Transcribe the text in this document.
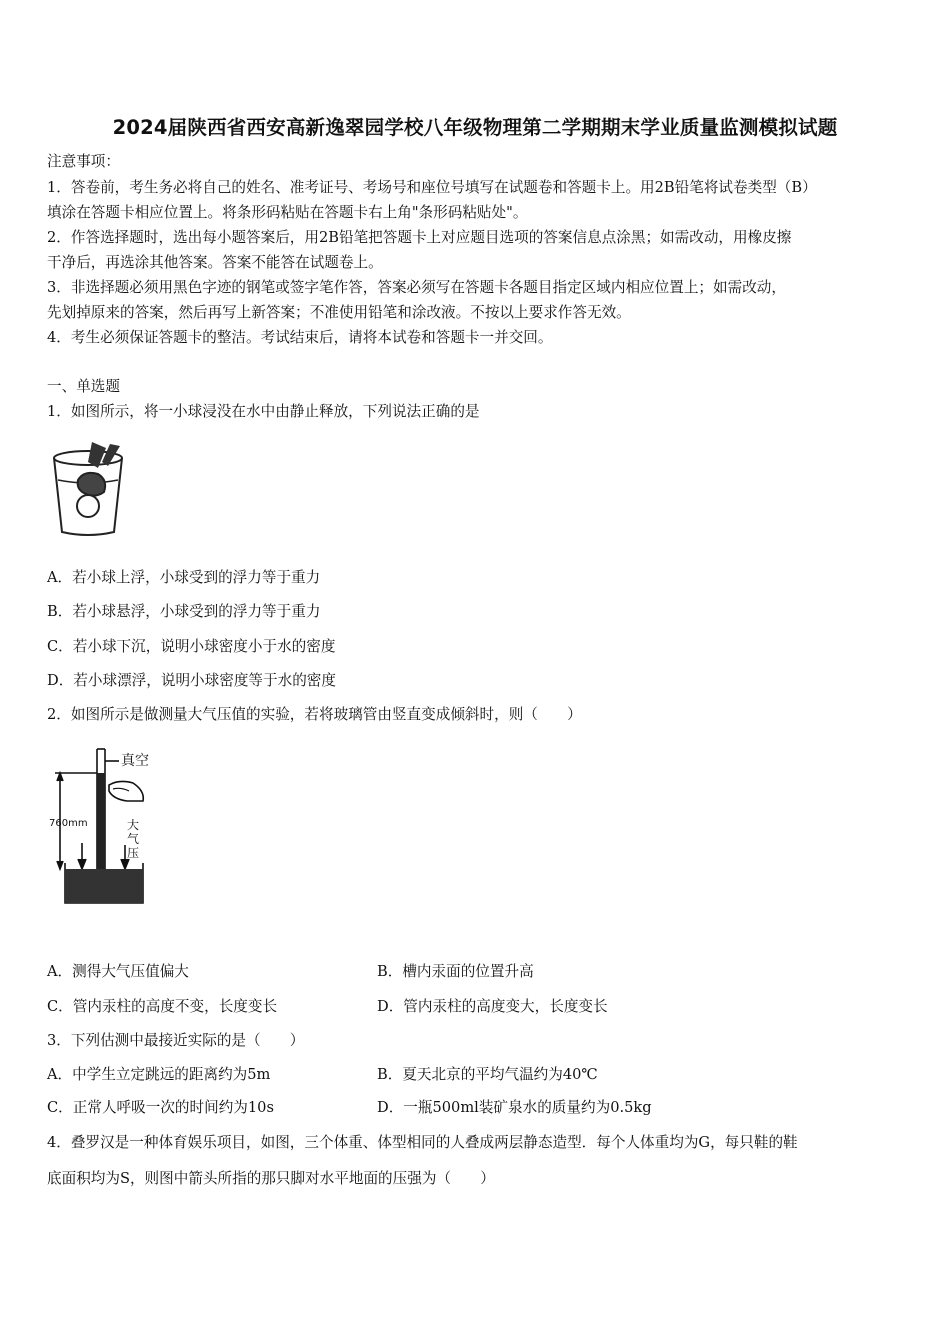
2024届陕西省西安高新逸翠园学校八年级物理第二学期期末学业质量监测模拟试题
注意事项：
1．答卷前，考生务必将自己的姓名、准考证号、考场号和座位号填写在试题卷和答题卡上。用2B铅笔将试卷类型（B）
填涂在答题卡相应位置上。将条形码粘贴在答题卡右上角"条形码粘贴处"。
2．作答选择题时，选出每小题答案后，用2B铅笔把答题卡上对应题目选项的答案信息点涂黑；如需改动，用橡皮擦
干净后，再选涂其他答案。答案不能答在试题卷上。
3．非选择题必须用黑色字迹的钢笔或签字笔作答，答案必须写在答题卡各题目指定区域内相应位置上；如需改动，
先划掉原来的答案，然后再写上新答案；不准使用铅笔和涂改液。不按以上要求作答无效。
4．考生必须保证答题卡的整洁。考试结束后，请将本试卷和答题卡一并交回。
一、单选题
1．如图所示，将一小球浸没在水中由静止释放，下列说法正确的是
A．若小球上浮，小球受到的浮力等于重力
B．若小球悬浮，小球受到的浮力等于重力
C．若小球下沉，说明小球密度小于水的密度
D．若小球漂浮，说明小球密度等于水的密度
2．如图所示是做测量大气压值的实验，若将玻璃管由竖直变成倾斜时，则（　　）
真空
760mm	大
气
压
A．测得大气压值偏大	B．槽内汞面的位置升高
C．管内汞柱的高度不变，长度变长	D．管内汞柱的高度变大，长度变长
3．下列估测中最接近实际的是（　　）
A．中学生立定跳远的距离约为5m	B．夏天北京的平均气温约为40℃
C．正常人呼吸一次的时间约为10s	D．一瓶500ml装矿泉水的质量约为0.5kg
4．叠罗汉是一种体育娱乐项目，如图，三个体重、体型相同的人叠成两层静态造型．每个人体重均为G，每只鞋的鞋
底面积均为S，则图中箭头所指的那只脚对水平地面的压强为（　　）
